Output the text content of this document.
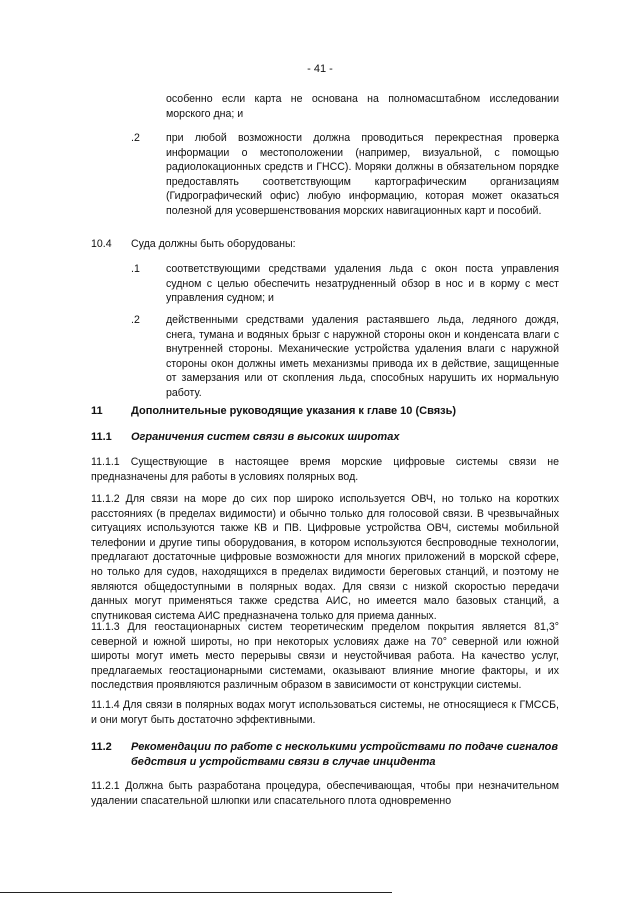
- 41 -
особенно если карта не основана на полномасштабном исследовании морского дна; и
.2 при любой возможности должна проводиться перекрестная проверка информации о местоположении (например, визуальной, с помощью радиолокационных средств и ГНСС). Моряки должны в обязательном порядке предоставлять соответствующим картографическим организациям (Гидрографический офис) любую информацию, которая может оказаться полезной для усовершенствования морских навигационных карт и пособий.
10.4 Суда должны быть оборудованы:
.1 соответствующими средствами удаления льда с окон поста управления судном с целью обеспечить незатрудненный обзор в нос и в корму с мест управления судном; и
.2 действенными средствами удаления растаявшего льда, ледяного дождя, снега, тумана и водяных брызг с наружной стороны окон и конденсата влаги с внутренней стороны. Механические устройства удаления влаги с наружной стороны окон должны иметь механизмы привода их в действие, защищенные от замерзания или от скопления льда, способных нарушить их нормальную работу.
11	Дополнительные руководящие указания к главе 10 (Связь)
11.1 Ограничения систем связи в высоких широтах
11.1.1 Существующие в настоящее время морские цифровые системы связи не предназначены для работы в условиях полярных вод.
11.1.2 Для связи на море до сих пор широко используется ОВЧ, но только на коротких расстояниях (в пределах видимости) и обычно только для голосовой связи. В чрезвычайных ситуациях используются также КВ и ПВ. Цифровые устройства ОВЧ, системы мобильной телефонии и другие типы оборудования, в котором используются беспроводные технологии, предлагают достаточные цифровые возможности для многих приложений в морской сфере, но только для судов, находящихся в пределах видимости береговых станций, и поэтому не являются общедоступными в полярных водах. Для связи с низкой скоростью передачи данных могут применяться также средства АИС, но имеется мало базовых станций, а спутниковая система АИС предназначена только для приема данных.
11.1.3 Для геостационарных систем теоретическим пределом покрытия является 81,3° северной и южной широты, но при некоторых условиях даже на 70° северной или южной широты могут иметь место перерывы связи и неустойчивая работа. На качество услуг, предлагаемых геостационарными системами, оказывают влияние многие факторы, и их последствия проявляются различным образом в зависимости от конструкции системы.
11.1.4 Для связи в полярных водах могут использоваться системы, не относящиеся к ГМССБ, и они могут быть достаточно эффективными.
11.2 Рекомендации по работе с несколькими устройствами по подаче сигналов бедствия и устройствами связи в случае инцидента
11.2.1 Должна быть разработана процедура, обеспечивающая, чтобы при незначительном удалении спасательной шлюпки или спасательного плота одновременно
